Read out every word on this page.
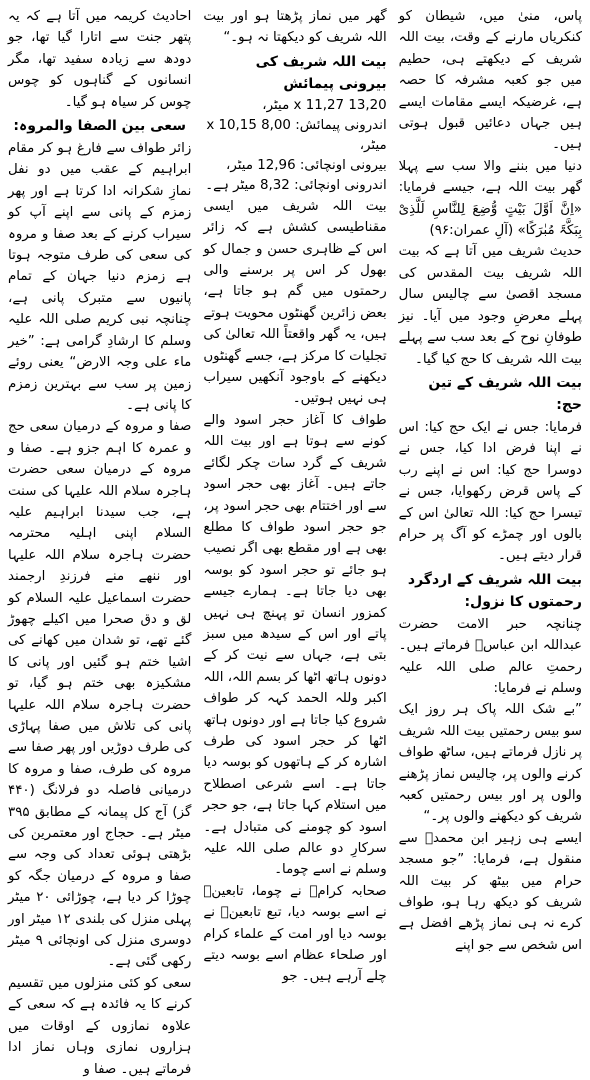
پاس، منیٰ میں، شیطان کو کنکریاں مارنے کے وقت، بیت اللہ شریف کے دیکھتے ہی، حطیم میں جو کعبہ مشرفہ کا حصہ ہے، غرضیکہ ایسے مقامات ایسے ہیں جہاں دعائیں قبول ہوتی ہیں۔

دنیا میں بننے والا سب سے پہلا گھر بیت اللہ ہے، جیسے فرمایا: «اِنَّ اَوَّلَ بَیْتٍ وُّضِعَ لِلنَّاسِ لَلَّذِیْ بِبَکَّۃَ مُبٰرَکًا» (آلِ عمران:۹۶)

حدیث شریف میں آتا ہے کہ بیت اللہ شریف بیت المقدس کی مسجد اقصیٰ سے چالیس سال پہلے معرضِ وجود میں آیا۔ نیز طوفانِ نوح کے بعد سب سے پہلے بیت اللہ شریف کا حج کیا گیا۔

بیت اللہ شریف کے تین حج:

فرمایا: جس نے ایک حج کیا: اس نے اپنا فرض ادا کیا، جس نے دوسرا حج کیا: اس نے اپنے رب کے پاس قرض رکھوایا، جس نے تیسرا حج کیا: اللہ تعالیٰ اس کے بالوں اور چمڑے کو آگ پر حرام قرار دیتے ہیں۔

بیت اللہ شریف کے اردگرد رحمتوں کا نزول:

چنانچہ حبر الامت حضرت عبداللہ ابن عباسؓ فرماتے ہیں۔ رحمتِ عالم صلی اللہ علیہ وسلم نے فرمایا:

”بے شک اللہ پاک ہر روز ایک سو بیس رحمتیں بیت اللہ شریف پر نازل فرماتے ہیں، ساٹھ طواف کرنے والوں پر، چالیس نماز پڑھنے والوں پر اور بیس رحمتیں کعبہ شریف کو دیکھنے والوں پر۔“

ایسے ہی زہیر ابن محمدؒ سے منقول ہے، فرمایا: ”جو مسجد حرام میں بیٹھ کر بیت اللہ شریف کو دیکھ رہا ہو، طواف کرے نہ ہی نماز پڑھے افضل ہے اس شخص سے جو اپنے

گھر میں نماز پڑھتا ہو اور بیت اللہ شریف کو دیکھتا نہ ہو۔“

بیت اللہ شریف کی بیرونی پیمائش

13,20 x 11,27 میٹر،

اندرونی پیمائش: 8,00 x 10,15 میٹر،

بیرونی اونچائی: 12,96 میٹر،

اندرونی اونچائی: 8,32 میٹر ہے۔

بیت اللہ شریف میں ایسی مقناطیسی کشش ہے کہ زائر اس کے ظاہری حسن و جمال کو بھول کر اس پر برسنے والی رحمتوں میں گم ہو جاتا ہے، بعض زائرین گھنٹوں محویت ہوتے ہیں، یہ گھر واقعتاً اللہ تعالیٰ کی تجلیات کا مرکز ہے، جسے گھنٹوں دیکھنے کے باوجود آنکھیں سیراب ہی نہیں ہوتیں۔

طواف کا آغاز حجر اسود والے کونے سے ہوتا ہے اور بیت اللہ شریف کے گرد سات چکر لگائے جاتے ہیں۔ آغاز بھی حجر اسود سے اور اختتام بھی حجر اسود پر، جو حجر اسود طواف کا مطلع بھی ہے اور مقطع بھی اگر نصیب ہو جائے تو حجر اسود کو بوسہ بھی دیا جاتا ہے۔ ہمارے جیسے کمزور انسان تو پہنچ ہی نہیں پاتے اور اس کے سیدھ میں سبز بتی ہے، جہاں سے نیت کر کے دونوں ہاتھ اٹھا کر بسم اللہ، اللہ اکبر وللہ الحمد کہہ کر طواف شروع کیا جاتا ہے اور دونوں ہاتھ اٹھا کر حجر اسود کی طرف اشارہ کر کے ہاتھوں کو بوسہ دیا جاتا ہے۔ اسے شرعی اصطلاح میں استلام کہا جاتا ہے، جو حجر اسود کو چومنے کی متبادل ہے۔ سرکارِ دو عالم صلی اللہ علیہ وسلم نے اسے چوما۔

صحابہ کرامؓ نے چوما، تابعینؒ نے اسے بوسہ دیا، تبع تابعینؒ نے بوسہ دیا اور امت کے علماء کرام اور صلحاء عظام اسے بوسہ دیتے چلے آرہے ہیں۔ جو

احادیث کریمہ میں آتا ہے کہ یہ پتھر جنت سے اتارا گیا تھا، جو دودھ سے زیادہ سفید تھا، مگر انسانوں کے گناہوں کو چوس چوس کر سیاہ ہو گیا۔

سعی بین الصفا والمروہ:

زائر طواف سے فارغ ہو کر مقام ابراہیم کے عقب میں دو نفل نمازِ شکرانہ ادا کرتا ہے اور پھر زمزم کے پانی سے اپنے آپ کو سیراب کرنے کے بعد صفا و مروہ کی سعی کی طرف متوجہ ہوتا ہے زمزم دنیا جہان کے تمام پانیوں سے متبرک پانی ہے، چنانچہ نبی کریم صلی اللہ علیہ وسلم کا ارشادِ گرامی ہے: ”خیر ماء علی وجہ الارض“ یعنی روئے زمین پر سب سے بہترین زمزم کا پانی ہے۔

صفا و مروہ کے درمیان سعی حج و عمرہ کا اہم جزو ہے۔ صفا و مروہ کے درمیان سعی حضرت ہاجرہ سلام اللہ علیہا کی سنت ہے، جب سیدنا ابراہیم علیہ السلام اپنی اہلیہ محترمہ حضرت ہاجرہ سلام اللہ علیہا اور ننھے منے فرزندِ ارجمند حضرت اسماعیل علیہ السلام کو لق و دق صحرا میں اکیلے چھوڑ گئے تھے، تو شدان میں کھانے کی اشیا ختم ہو گئیں اور پانی کا مشکیزہ بھی ختم ہو گیا، تو حضرت ہاجرہ سلام اللہ علیہا پانی کی تلاش میں صفا پہاڑی کی طرف دوڑیں اور پھر صفا سے مروہ کی طرف، صفا و مروہ کا درمیانی فاصلہ دو فرلانگ (۴۴۰ گز) آج کل پیمانہ کے مطابق ۳۹۵ میٹر ہے۔ حجاج اور معتمرین کی بڑھتی ہوئی تعداد کی وجہ سے صفا و مروہ کے درمیان جگہ کو چوڑا کر دیا ہے، چوڑائی ۲۰ میٹر پہلی منزل کی بلندی ۱۲ میٹر اور دوسری منزل کی اونچائی ۹ میٹر رکھی گئی ہے۔

سعی کو کئی منزلوں میں تقسیم کرنے کا یہ فائدہ ہے کہ سعی کے علاوہ نمازوں کے اوقات میں ہزاروں نمازی وہاں نماز ادا فرماتے ہیں۔ صفا و
